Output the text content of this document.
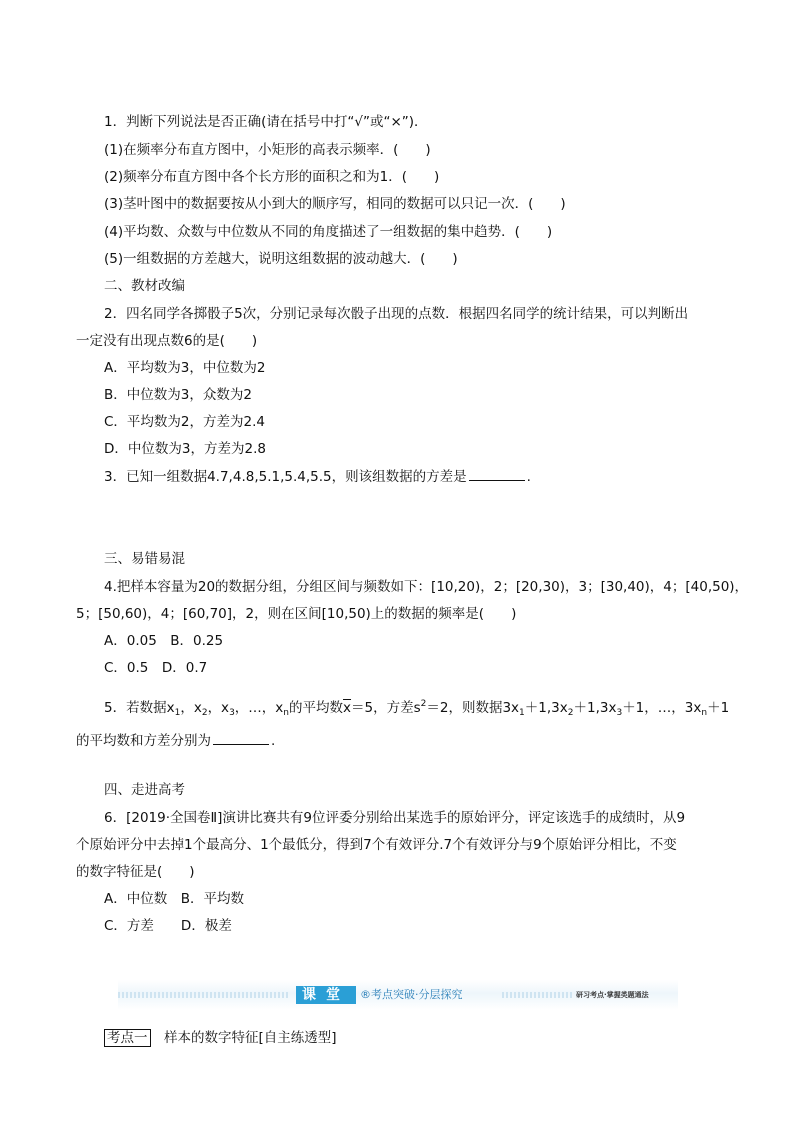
1．判断下列说法是否正确(请在括号中打“√”或“×”)．
(1)在频率分布直方图中，小矩形的高表示频率．(　　)
(2)频率分布直方图中各个长方形的面积之和为1．(　　)
(3)茎叶图中的数据要按从小到大的顺序写，相同的数据可以只记一次．(　　)
(4)平均数、众数与中位数从不同的角度描述了一组数据的集中趋势．(　　)
(5)一组数据的方差越大，说明这组数据的波动越大．(　　)
二、教材改编
2．四名同学各掷骰子5次，分别记录每次骰子出现的点数．根据四名同学的统计结果，可以判断出
一定没有出现点数6的是(　　)
A．平均数为3，中位数为2
B．中位数为3，众数为2
C．平均数为2，方差为2.4
D．中位数为3，方差为2.8
3．已知一组数据4.7,4.8,5.1,5.4,5.5，则该组数据的方差是	.
三、易错易混
4.把样本容量为20的数据分组，分组区间与频数如下：[10,20)，2；[20,30)，3；[30,40)，4；[40,50)，
5；[50,60)，4；[60,70]，2，则在区间[10,50)上的数据的频率是(　　)
A．0.05　B．0.25
C．0.5　D．0.7
5．若数据$x_1$，$x_2$，$x_3$，…，$x_n$的平均数$\overline{x}=5$，方差$s^2=2$，则数据$3x_1+1,3x_2+1,3x_3+1$，…，$3x_n+1$
的平均数和方差分别为	.
四、走进高考
6．[2019·全国卷Ⅱ]演讲比赛共有9位评委分别给出某选手的原始评分，评定该选手的成绩时，从9
个原始评分中去掉1个最高分、1个最低分，得到7个有效评分.7个有效评分与9个原始评分相比，不变
的数字特征是(　　)
A．中位数　B．平均数
C．方差　　D．极差
课堂 ®考点突破·分层探究	研习考点·掌握类题通法
考点一　 样本的数字特征[自主练透型]
